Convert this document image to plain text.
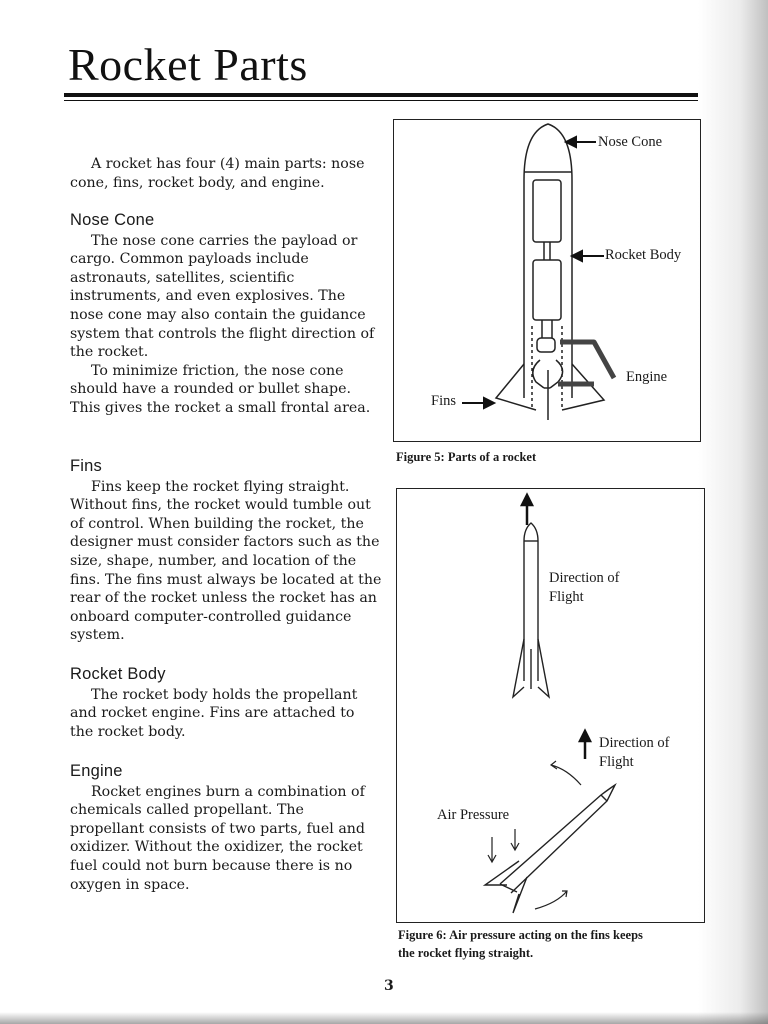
Rocket Parts

A rocket has four (4) main parts: nose cone, fins, rocket body, and engine.

Nose Cone

The nose cone carries the payload or cargo. Common payloads include astronauts, satellites, scientific instruments, and even explosives. The nose cone may also contain the guidance system that controls the flight direction of the rocket.

To minimize friction, the nose cone should have a rounded or bullet shape. This gives the rocket a small frontal area.

Fins

Fins keep the rocket flying straight. Without fins, the rocket would tumble out of control. When building the rocket, the designer must consider factors such as the size, shape, number, and location of the fins. The fins must always be located at the rear of the rocket unless the rocket has an onboard computer-controlled guidance system.

Rocket Body

The rocket body holds the propellant and rocket engine. Fins are attached to the rocket body.

Engine

Rocket engines burn a combination of chemicals called propellant. The propellant consists of two parts, fuel and oxidizer. Without the oxidizer, the rocket fuel could not burn because there is no oxygen in space.

Nose Cone
Rocket Body
Engine
Fins
Figure 5: Parts of a rocket
Direction of
Flight
Direction of
Flight
Air Pressure
Figure 6: Air pressure acting on the fins keeps
the rocket flying straight.
3
